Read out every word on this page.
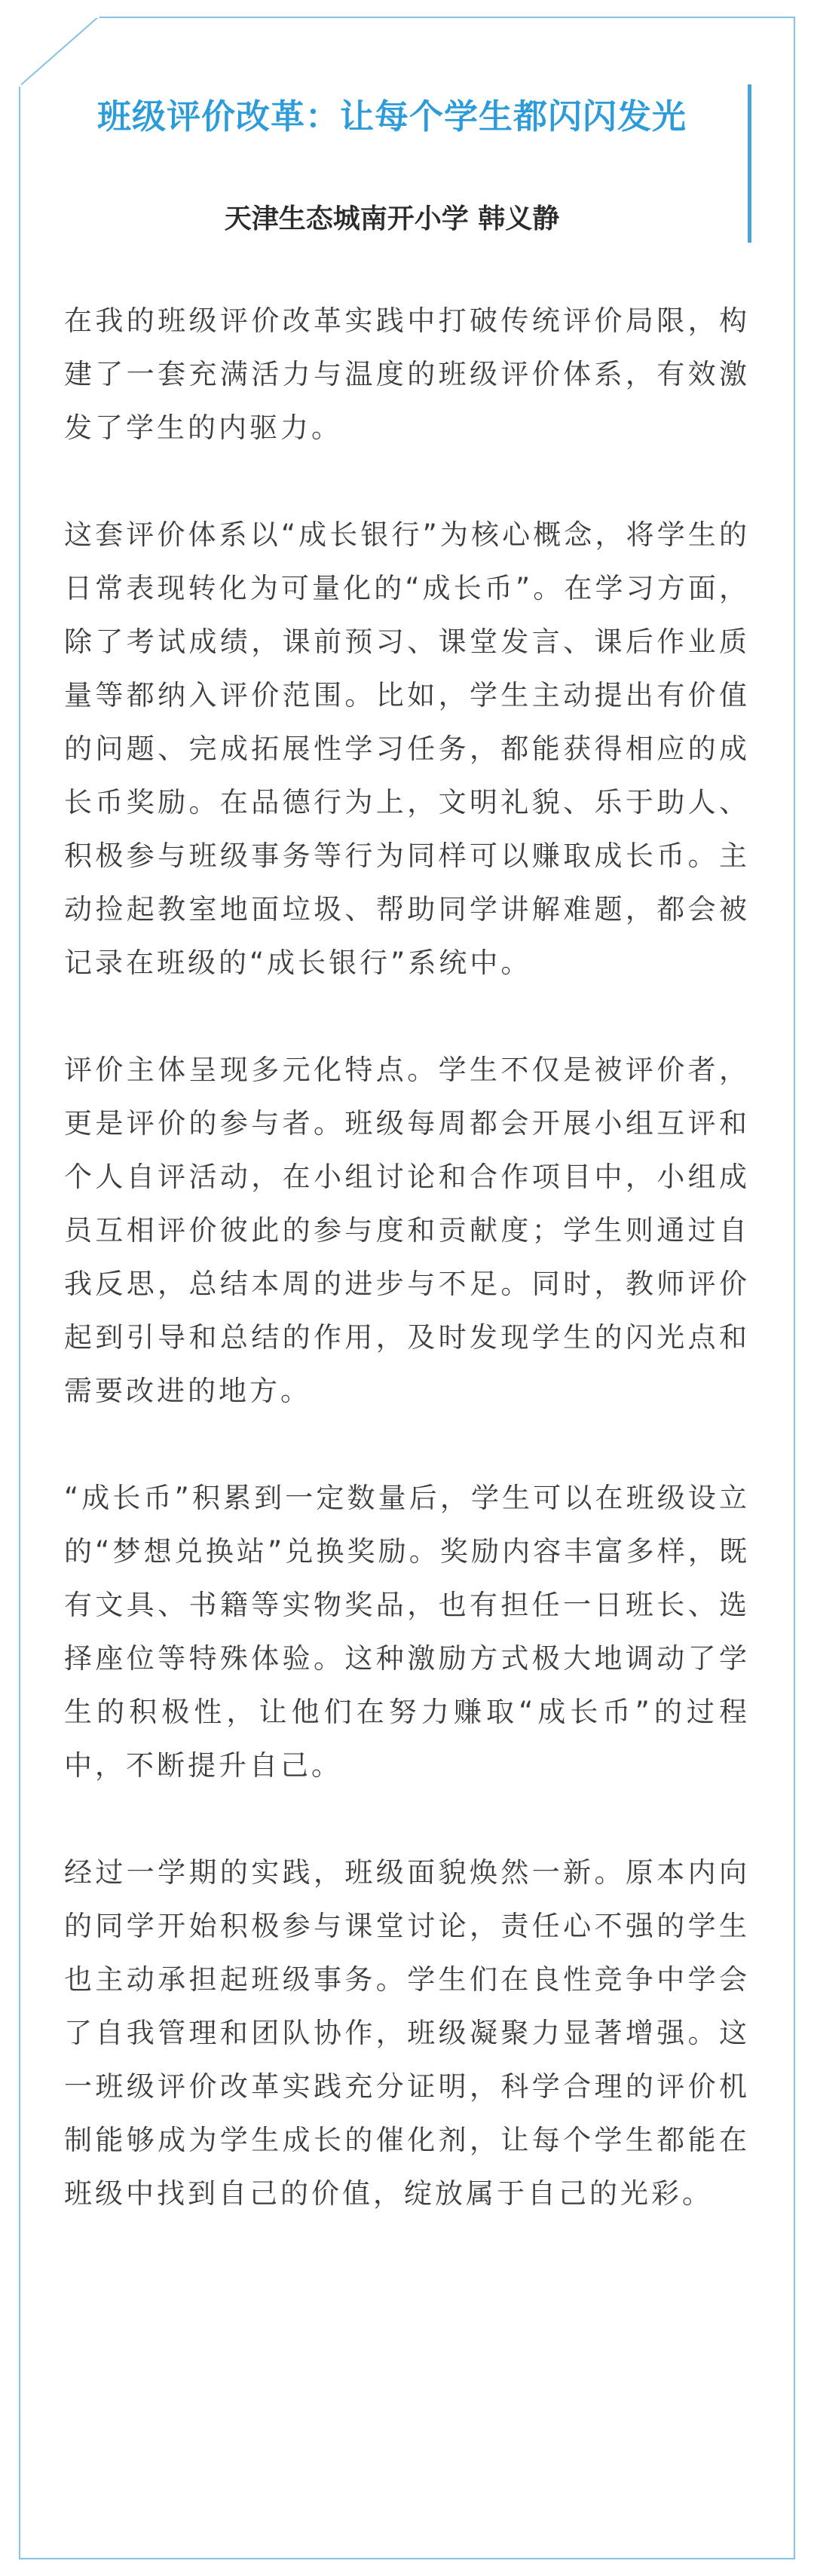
班级评价改革：让每个学生都闪闪发光

天津生态城南开小学 韩义静

在我的班级评价改革实践中打破传统评价局限，构建了一套充满活力与温度的班级评价体系，有效激发了学生的内驱力。

这套评价体系以“成长银行”为核心概念，将学生的日常表现转化为可量化的“成长币”。在学习方面，除了考试成绩，课前预习、课堂发言、课后作业质量等都纳入评价范围。比如，学生主动提出有价值的问题、完成拓展性学习任务，都能获得相应的成长币奖励。在品德行为上，文明礼貌、乐于助人、积极参与班级事务等行为同样可以赚取成长币。主动捡起教室地面垃圾、帮助同学讲解难题，都会被记录在班级的“成长银行”系统中。

评价主体呈现多元化特点。学生不仅是被评价者，更是评价的参与者。班级每周都会开展小组互评和个人自评活动，在小组讨论和合作项目中，小组成员互相评价彼此的参与度和贡献度；学生则通过自我反思，总结本周的进步与不足。同时，教师评价起到引导和总结的作用，及时发现学生的闪光点和需要改进的地方。

“成长币”积累到一定数量后，学生可以在班级设立的“梦想兑换站”兑换奖励。奖励内容丰富多样，既有文具、书籍等实物奖品，也有担任一日班长、选择座位等特殊体验。这种激励方式极大地调动了学生的积极性，让他们在努力赚取“成长币”的过程中，不断提升自己。

经过一学期的实践，班级面貌焕然一新。原本内向的同学开始积极参与课堂讨论，责任心不强的学生也主动承担起班级事务。学生们在良性竞争中学会了自我管理和团队协作，班级凝聚力显著增强。这一班级评价改革实践充分证明，科学合理的评价机制能够成为学生成长的催化剂，让每个学生都能在班级中找到自己的价值，绽放属于自己的光彩。
